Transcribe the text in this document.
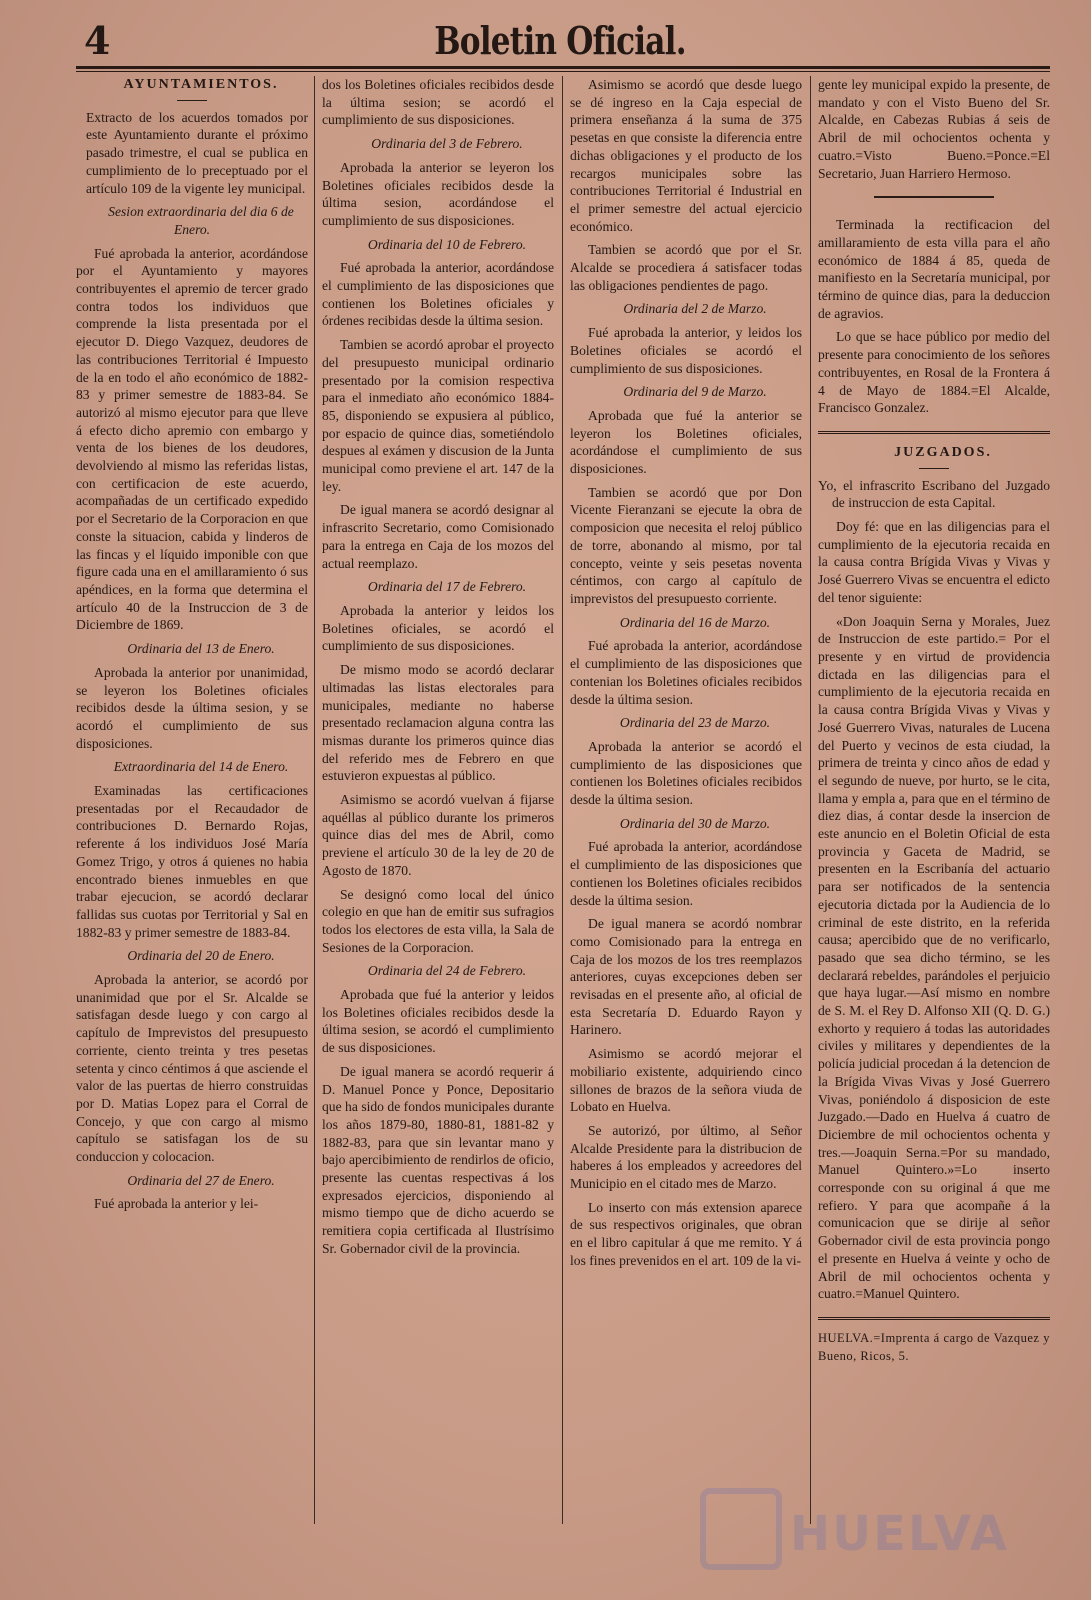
4	Boletin Oficial.

AYUNTAMIENTOS.

Extracto de los acuerdos tomados por este Ayuntamiento durante el próximo pasado trimestre, el cual se publica en cumplimiento de lo preceptuado por el artículo 109 de la vigente ley municipal.

Sesion extraordinaria del dia 6 de Enero.

Fué aprobada la anterior, acordándose por el Ayuntamiento y mayores contribuyentes el apremio de tercer grado contra todos los individuos que comprende la lista presentada por el ejecutor D. Diego Vazquez, deudores de las contribuciones Territorial é Impuesto de la en todo el año económico de 1882-83 y primer semestre de 1883-84. Se autorizó al mismo ejecutor para que lleve á efecto dicho apremio con embargo y venta de los bienes de los deudores, devolviendo al mismo las referidas listas, con certificacion de este acuerdo, acompañadas de un certificado expedido por el Secretario de la Corporacion en que conste la situacion, cabida y linderos de las fincas y el líquido imponible con que figure cada una en el amillaramiento ó sus apéndices, en la forma que determina el artículo 40 de la Instruccion de 3 de Diciembre de 1869.

Ordinaria del 13 de Enero.

Aprobada la anterior por unanimidad, se leyeron los Boletines oficiales recibidos desde la última sesion, y se acordó el cumplimiento de sus disposiciones.

Extraordinaria del 14 de Enero.

Examinadas las certificaciones presentadas por el Recaudador de contribuciones D. Bernardo Rojas, referente á los individuos José María Gomez Trigo, y otros á quienes no habia encontrado bienes inmuebles en que trabar ejecucion, se acordó declarar fallidas sus cuotas por Territorial y Sal en 1882-83 y primer semestre de 1883-84.

Ordinaria del 20 de Enero.

Aprobada la anterior, se acordó por unanimidad que por el Sr. Alcalde se satisfagan desde luego y con cargo al capítulo de Imprevistos del presupuesto corriente, ciento treinta y tres pesetas setenta y cinco céntimos á que asciende el valor de las puertas de hierro construidas por D. Matias Lopez para el Corral de Concejo, y que con cargo al mismo capítulo se satisfagan los de su conduccion y colocacion.

Ordinaria del 27 de Enero.

Fué aprobada la anterior y lei-

dos los Boletines oficiales recibidos desde la última sesion; se acordó el cumplimiento de sus disposiciones.

Ordinaria del 3 de Febrero.

Aprobada la anterior se leyeron los Boletines oficiales recibidos desde la última sesion, acordándose el cumplimiento de sus disposiciones.

Ordinaria del 10 de Febrero.

Fué aprobada la anterior, acordándose el cumplimiento de las disposiciones que contienen los Boletines oficiales y órdenes recibidas desde la última sesion.

Tambien se acordó aprobar el proyecto del presupuesto municipal ordinario presentado por la comision respectiva para el inmediato año económico 1884-85, disponiendo se expusiera al público, por espacio de quince dias, sometiéndolo despues al exámen y discusion de la Junta municipal como previene el art. 147 de la ley.

De igual manera se acordó designar al infrascrito Secretario, como Comisionado para la entrega en Caja de los mozos del actual reemplazo.

Ordinaria del 17 de Febrero.

Aprobada la anterior y leidos los Boletines oficiales, se acordó el cumplimiento de sus disposiciones.

De mismo modo se acordó declarar ultimadas las listas electorales para municipales, mediante no haberse presentado reclamacion alguna contra las mismas durante los primeros quince dias del referido mes de Febrero en que estuvieron expuestas al público.

Asimismo se acordó vuelvan á fijarse aquéllas al público durante los primeros quince dias del mes de Abril, como previene el artículo 30 de la ley de 20 de Agosto de 1870.

Se designó como local del único colegio en que han de emitir sus sufragios todos los electores de esta villa, la Sala de Sesiones de la Corporacion.

Ordinaria del 24 de Febrero.

Aprobada que fué la anterior y leidos los Boletines oficiales recibidos desde la última sesion, se acordó el cumplimiento de sus disposiciones.

De igual manera se acordó requerir á D. Manuel Ponce y Ponce, Depositario que ha sido de fondos municipales durante los años 1879-80, 1880-81, 1881-82 y 1882-83, para que sin levantar mano y bajo apercibimiento de rendirlos de oficio, presente las cuentas respectivas á los expresados ejercicios, disponiendo al mismo tiempo que de dicho acuerdo se remitiera copia certificada al Ilustrísimo Sr. Gobernador civil de la provincia.

Asimismo se acordó que desde luego se dé ingreso en la Caja especial de primera enseñanza á la suma de 375 pesetas en que consiste la diferencia entre dichas obligaciones y el producto de los recargos municipales sobre las contribuciones Territorial é Industrial en el primer semestre del actual ejercicio económico.

Tambien se acordó que por el Sr. Alcalde se procediera á satisfacer todas las obligaciones pendientes de pago.

Ordinaria del 2 de Marzo.

Fué aprobada la anterior, y leidos los Boletines oficiales se acordó el cumplimiento de sus disposiciones.

Ordinaria del 9 de Marzo.

Aprobada que fué la anterior se leyeron los Boletines oficiales, acordándose el cumplimiento de sus disposiciones.

Tambien se acordó que por Don Vicente Fieranzani se ejecute la obra de composicion que necesita el reloj público de torre, abonando al mismo, por tal concepto, veinte y seis pesetas noventa céntimos, con cargo al capítulo de imprevistos del presupuesto corriente.

Ordinaria del 16 de Marzo.

Fué aprobada la anterior, acordándose el cumplimiento de las disposiciones que contenian los Boletines oficiales recibidos desde la última sesion.

Ordinaria del 23 de Marzo.

Aprobada la anterior se acordó el cumplimiento de las disposiciones que contienen los Boletines oficiales recibidos desde la última sesion.

Ordinaria del 30 de Marzo.

Fué aprobada la anterior, acordándose el cumplimiento de las disposiciones que contienen los Boletines oficiales recibidos desde la última sesion.

De igual manera se acordó nombrar como Comisionado para la entrega en Caja de los mozos de los tres reemplazos anteriores, cuyas excepciones deben ser revisadas en el presente año, al oficial de esta Secretaría D. Eduardo Rayon y Harinero.

Asimismo se acordó mejorar el mobiliario existente, adquiriendo cinco sillones de brazos de la señora viuda de Lobato en Huelva.

Se autorizó, por último, al Señor Alcalde Presidente para la distribucion de haberes á los empleados y acreedores del Municipio en el citado mes de Marzo.

Lo inserto con más extension aparece de sus respectivos originales, que obran en el libro capitular á que me remito. Y á los fines prevenidos en el art. 109 de la vi-

gente ley municipal expido la presente, de mandato y con el Visto Bueno del Sr. Alcalde, en Cabezas Rubias á seis de Abril de mil ochocientos ochenta y cuatro.=Visto Bueno.=Ponce.=El Secretario, Juan Harriero Hermoso.

Terminada la rectificacion del amillaramiento de esta villa para el año económico de 1884 á 85, queda de manifiesto en la Secretaría municipal, por término de quince dias, para la deduccion de agravios.

Lo que se hace público por medio del presente para conocimiento de los señores contribuyentes, en Rosal de la Frontera á 4 de Mayo de 1884.=El Alcalde, Francisco Gonzalez.

JUZGADOS.

Yo, el infrascrito Escribano del Juzgado de instruccion de esta Capital.

Doy fé: que en las diligencias para el cumplimiento de la ejecutoria recaida en la causa contra Brígida Vivas y Vivas y José Guerrero Vivas se encuentra el edicto del tenor siguiente:

«Don Joaquin Serna y Morales, Juez de Instruccion de este partido.= Por el presente y en virtud de providencia dictada en las diligencias para el cumplimiento de la ejecutoria recaida en la causa contra Brígida Vivas y Vivas y José Guerrero Vivas, naturales de Lucena del Puerto y vecinos de esta ciudad, la primera de treinta y cinco años de edad y el segundo de nueve, por hurto, se le cita, llama y empla a, para que en el término de diez dias, á contar desde la insercion de este anuncio en el Boletin Oficial de esta provincia y Gaceta de Madrid, se presenten en la Escribanía del actuario para ser notificados de la sentencia ejecutoria dictada por la Audiencia de lo criminal de este distrito, en la referida causa; apercibido que de no verificarlo, pasado que sea dicho término, se les declarará rebeldes, parándoles el perjuicio que haya lugar.—Así mismo en nombre de S. M. el Rey D. Alfonso XII (Q. D. G.) exhorto y requiero á todas las autoridades civiles y militares y dependientes de la policía judicial procedan á la detencion de la Brígida Vivas Vivas y José Guerrero Vivas, poniéndolo á disposicion de este Juzgado.—Dado en Huelva á cuatro de Diciembre de mil ochocientos ochenta y tres.—Joaquin Serna.=Por su mandado, Manuel Quintero.»=Lo inserto corresponde con su original á que me refiero. Y para que acompañe á la comunicacion que se dirije al señor Gobernador civil de esta provincia pongo el presente en Huelva á veinte y ocho de Abril de mil ochocientos ochenta y cuatro.=Manuel Quintero.

HUELVA.=Imprenta á cargo de Vazquez y Bueno, Ricos, 5.

HUELVA
